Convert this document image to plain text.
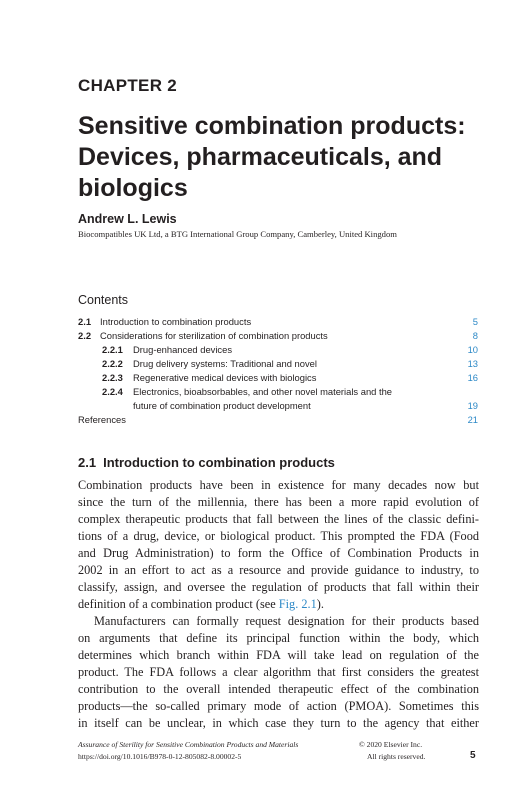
CHAPTER 2
Sensitive combination products:
Devices, pharmaceuticals, and
biologics
Andrew L. Lewis
Biocompatibles UK Ltd, a BTG International Group Company, Camberley, United Kingdom
Contents
2.1 Introduction to combination products	5
2.2 Considerations for sterilization of combination products	8
2.2.1 Drug-enhanced devices	10
2.2.2 Drug delivery systems: Traditional and novel	13
2.2.3 Regenerative medical devices with biologics	16
2.2.4 Electronics, bioabsorbables, and other novel materials and the
future of combination product development	19
References	21
2.1 Introduction to combination products
Combination products have been in existence for many decades now but
since the turn of the millennia, there has been a more rapid evolution of
complex therapeutic products that fall between the lines of the classic defini-
tions of a drug, device, or biological product. This prompted the FDA (Food
and Drug Administration) to form the Office of Combination Products in
2002 in an effort to act as a resource and provide guidance to industry, to
classify, assign, and oversee the regulation of products that fall within their
definition of a combination product (see Fig. 2.1).
Manufacturers can formally request designation for their products based
on arguments that define its principal function within the body, which
determines which branch within FDA will take lead on regulation of the
product. The FDA follows a clear algorithm that first considers the greatest
contribution to the overall intended therapeutic effect of the combination
products—the so-called primary mode of action (PMOA). Sometimes this
in itself can be unclear, in which case they turn to the agency that either
Assurance of Sterility for Sensitive Combination Products and Materials
https://doi.org/10.1016/B978-0-12-805082-8.00002-5
© 2020 Elsevier Inc.
All rights reserved.	5
